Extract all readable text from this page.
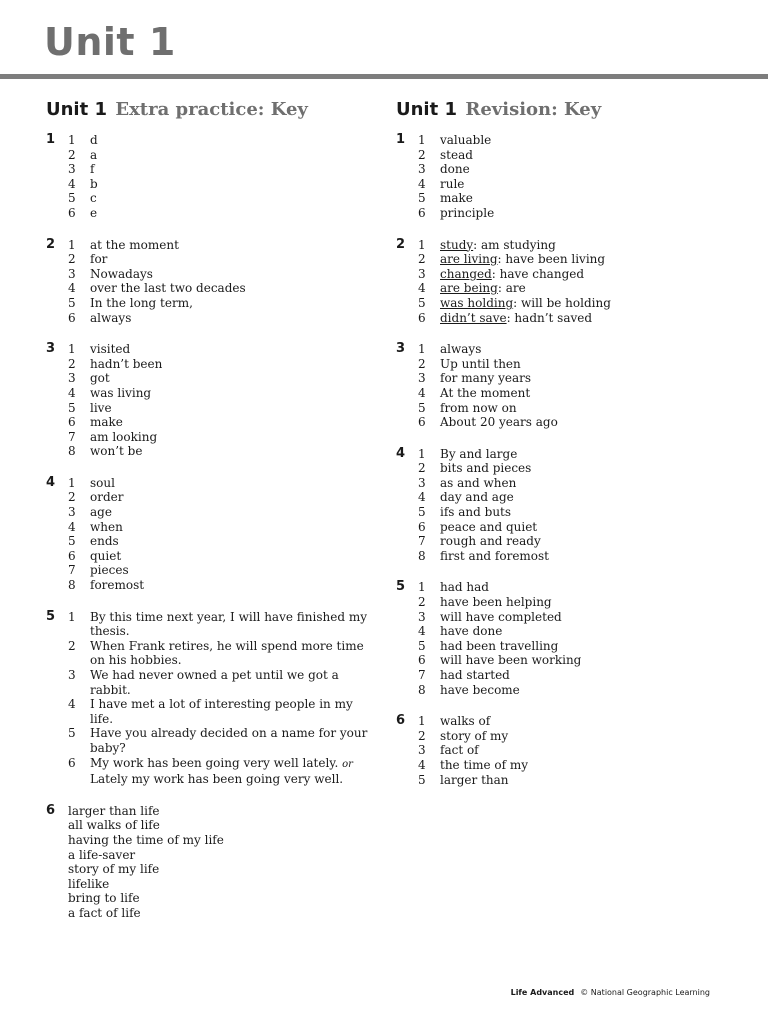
Unit 1
Unit 1 Extra practice: Key
1 1 d
2 a
3 f
4 b
5 c
6 e
2 1 at the moment
2 for
3 Nowadays
4 over the last two decades
5 In the long term,
6 always
3 1 visited
2 hadn’t been
3 got
4 was living
5 live
6 make
7 am looking
8 won’t be
4 1 soul
2 order
3 age
4 when
5 ends
6 quiet
7 pieces
8 foremost
5 1 By this time next year, I will have finished my thesis.
2 When Frank retires, he will spend more time on his hobbies.
3 We had never owned a pet until we got a rabbit.
4 I have met a lot of interesting people in my life.
5 Have you already decided on a name for your baby?
6 My work has been going very well lately. or
Lately my work has been going very well.
6 larger than life
all walks of life
having the time of my life
a life-saver
story of my life
lifelike
bring to life
a fact of life
Unit 1 Revision: Key
1 1 valuable
2 stead
3 done
4 rule
5 make
6 principle
2 1 study: am studying
2 are living: have been living
3 changed: have changed
4 are being: are
5 was holding: will be holding
6 didn’t save: hadn’t saved
3 1 always
2 Up until then
3 for many years
4 At the moment
5 from now on
6 About 20 years ago
4 1 By and large
2 bits and pieces
3 as and when
4 day and age
5 ifs and buts
6 peace and quiet
7 rough and ready
8 first and foremost
5 1 had had
2 have been helping
3 will have completed
4 have done
5 had been travelling
6 will have been working
7 had started
8 have become
6 1 walks of
2 story of my
3 fact of
4 the time of my
5 larger than
Life Advanced © National Geographic Learning
